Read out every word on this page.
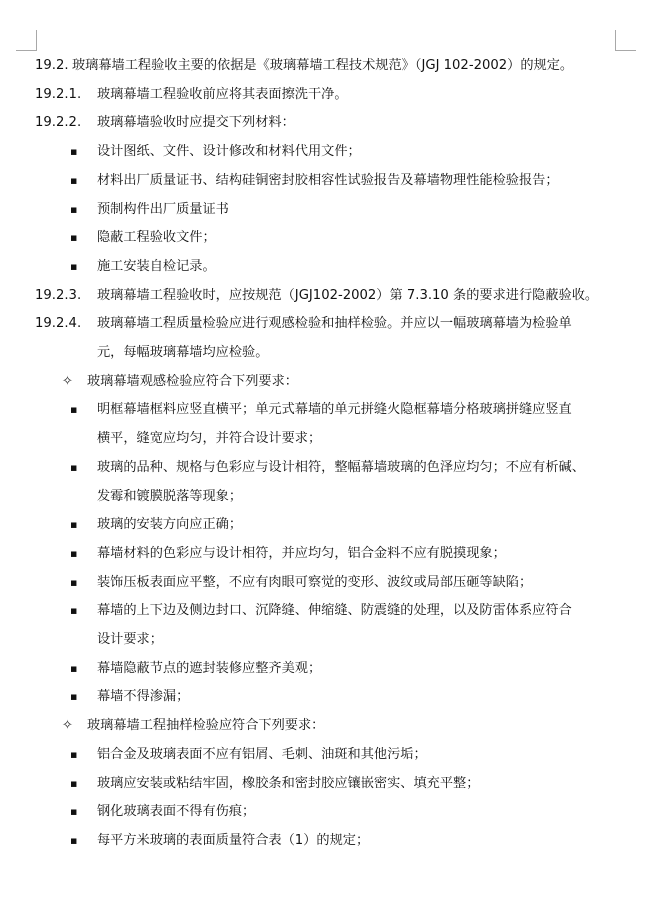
19.2. 玻璃幕墙工程验收主要的依据是《玻璃幕墙工程技术规范》（JGJ 102-2002）的规定。
19.2.1. 玻璃幕墙工程验收前应将其表面擦洗干净。
19.2.2. 玻璃幕墙验收时应提交下列材料：
▪ 设计图纸、文件、设计修改和材料代用文件；
▪ 材料出厂质量证书、结构硅铜密封胶相容性试验报告及幕墙物理性能检验报告；
▪ 预制构件出厂质量证书
▪ 隐蔽工程验收文件；
▪ 施工安装自检记录。
19.2.3. 玻璃幕墙工程验收时，应按规范（JGJ102-2002）第 7.3.10 条的要求进行隐蔽验收。
19.2.4. 玻璃幕墙工程质量检验应进行观感检验和抽样检验。并应以一幅玻璃幕墙为检验单
元，每幅玻璃幕墙均应检验。
✧ 玻璃幕墙观感检验应符合下列要求：
▪ 明框幕墙框料应竖直横平；单元式幕墙的单元拼缝火隐框幕墙分格玻璃拼缝应竖直
横平，缝宽应均匀，并符合设计要求；
▪ 玻璃的品种、规格与色彩应与设计相符，整幅幕墙玻璃的色泽应均匀；不应有析碱、
发霉和镀膜脱落等现象；
▪ 玻璃的安装方向应正确；
▪ 幕墙材料的色彩应与设计相符，并应均匀，铝合金料不应有脱摸现象；
▪ 装饰压板表面应平整，不应有肉眼可察觉的变形、波纹或局部压砸等缺陷；
▪ 幕墙的上下边及侧边封口、沉降缝、伸缩缝、防震缝的处理，以及防雷体系应符合
设计要求；
▪ 幕墙隐蔽节点的遮封装修应整齐美观；
▪ 幕墙不得渗漏；
✧ 玻璃幕墙工程抽样检验应符合下列要求：
▪ 铝合金及玻璃表面不应有铝屑、毛刺、油斑和其他污垢；
▪ 玻璃应安装或粘结牢固，橡胶条和密封胶应镶嵌密实、填充平整；
▪ 钢化玻璃表面不得有伤痕；
▪ 每平方米玻璃的表面质量符合表（1）的规定；
